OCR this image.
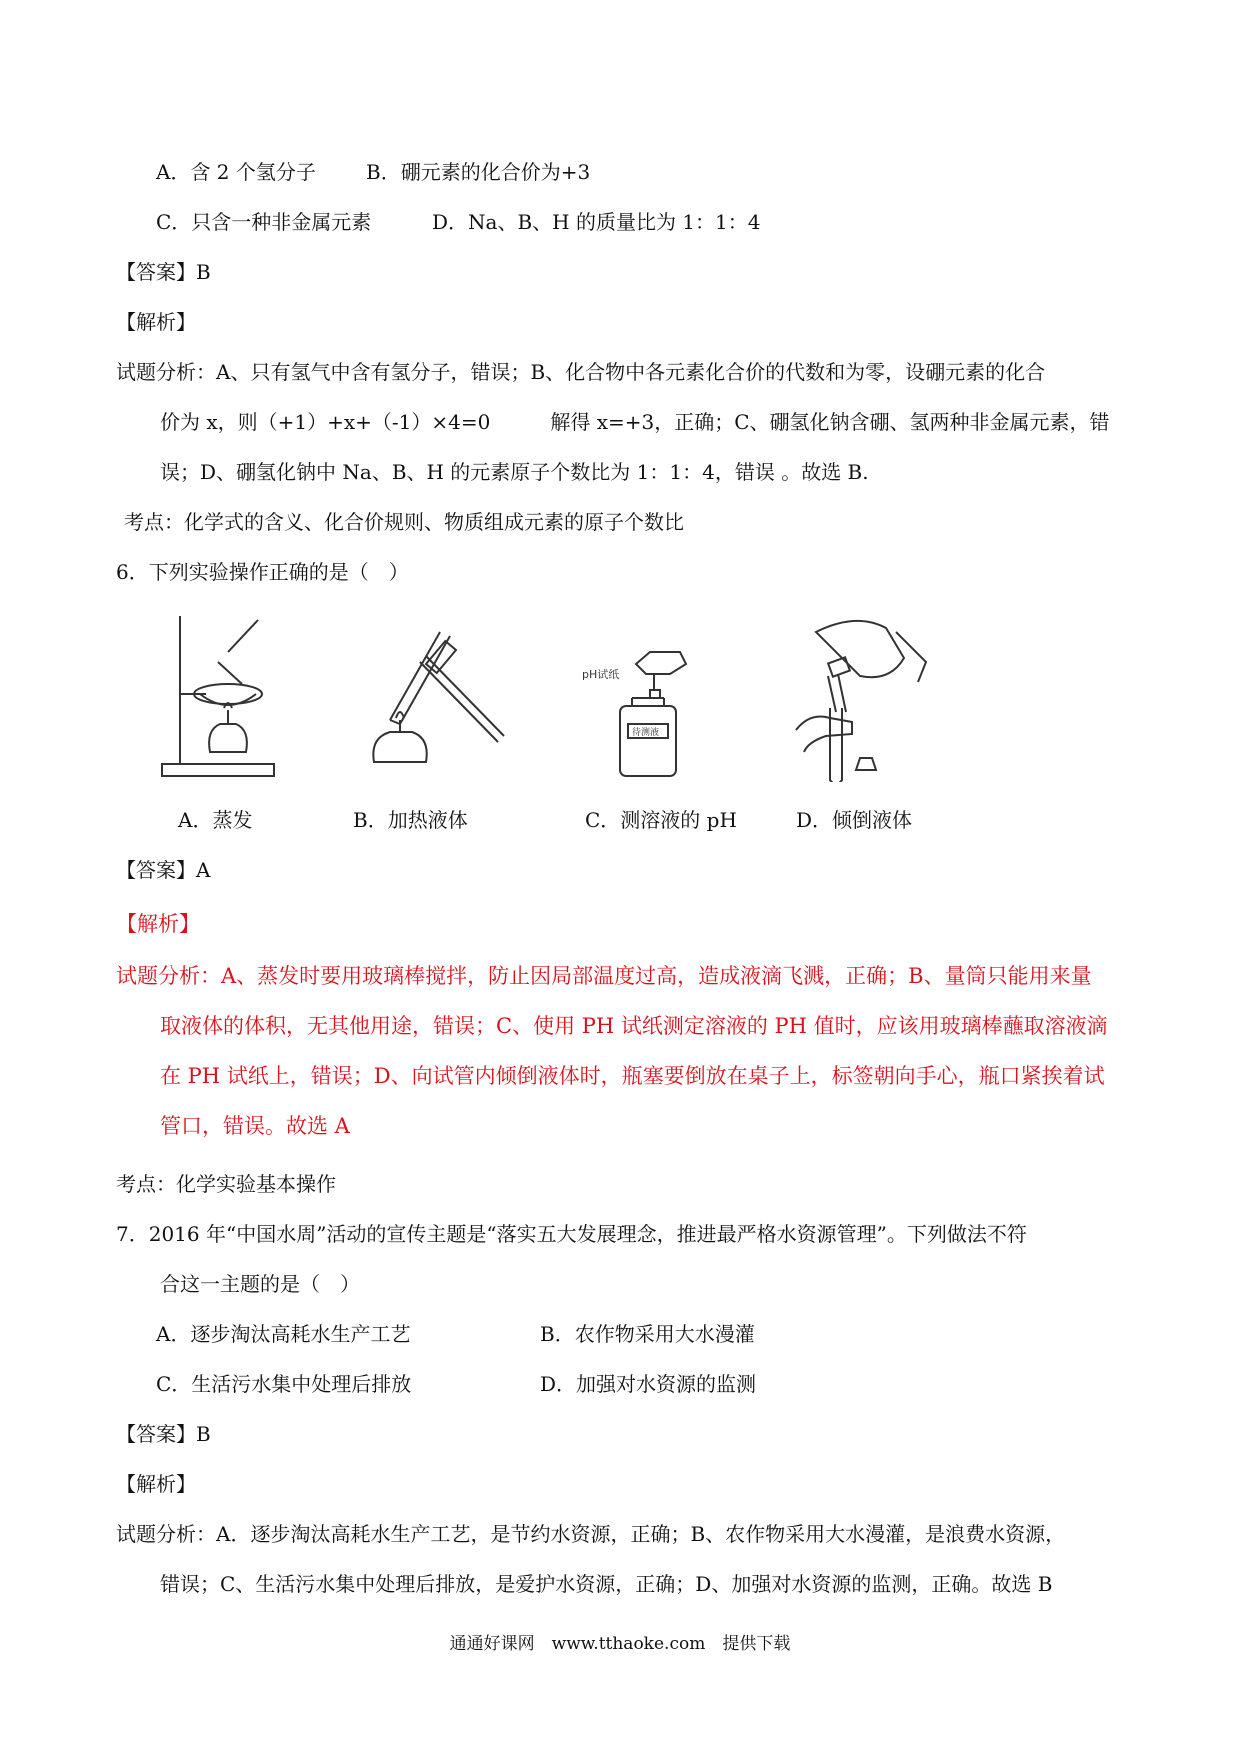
A．含 2 个氢分子	B．硼元素的化合价为+3
C．只含一种非金属元素	D．Na、B、H 的质量比为 1：1：4
【答案】B
【解析】
试题分析：A、只有氢气中含有氢分子，错误；B、化合物中各元素化合价的代数和为零，设硼元素的化合
价为 x，则（+1）+x+（-1）×4=0　　　解得 x=+3，正确；C、硼氢化钠含硼、氢两种非金属元素，错
误；D、硼氢化钠中 Na、B、H 的元素原子个数比为 1：1：4，错误 。故选 B.
考点：化学式的含义、化合价规则、物质组成元素的原子个数比
6．下列实验操作正确的是（　）
pH试纸
待测液
A．蒸发	B．加热液体	C．测溶液的 pH	D．倾倒液体
【答案】A
【解析】
试题分析：A、蒸发时要用玻璃棒搅拌，防止因局部温度过高，造成液滴飞溅，正确；B、量筒只能用来量
取液体的体积，无其他用途，错误；C、使用 PH 试纸测定溶液的 PH 值时，应该用玻璃棒蘸取溶液滴
在 PH 试纸上，错误；D、向试管内倾倒液体时，瓶塞要倒放在桌子上，标签朝向手心，瓶口紧挨着试
管口，错误。故选 A
考点：化学实验基本操作
7．2016 年“中国水周”活动的宣传主题是“落实五大发展理念，推进最严格水资源管理”。下列做法不符
合这一主题的是（　）
A．逐步淘汰高耗水生产工艺	B．农作物采用大水漫灌
C．生活污水集中处理后排放	D．加强对水资源的监测
【答案】B
【解析】
试题分析：A．逐步淘汰高耗水生产工艺，是节约水资源，正确；B、农作物采用大水漫灌，是浪费水资源，
错误；C、生活污水集中处理后排放，是爱护水资源，正确；D、加强对水资源的监测，正确。故选 B
通通好课网　www.tthaoke.com　提供下载
